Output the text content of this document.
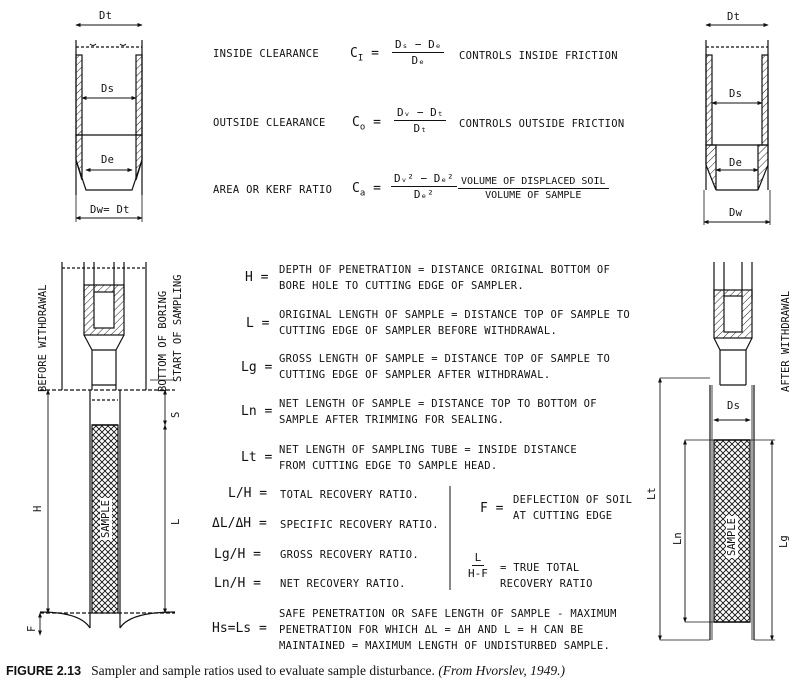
Dt
Ds
De
Dw= Dt
Dt
Ds
De
Dw
INSIDE CLEARANCE $C_I = \frac{\text{Dₛ − Dₑ}}{\text{Dₑ}}$ CONTROLS INSIDE FRICTION
OUTSIDE CLEARANCE $C_o = \frac{\text{Dᵥ − Dₜ}}{\text{Dₜ}}$ CONTROLS OUTSIDE FRICTION
AREA OR KERF RATIO $C_a = \frac{\text{Dᵥ² − Dₑ²}}{\text{Dₑ²}}$ VOLUME OF DISPLACED SOIL
VOLUME OF SAMPLE
H = DEPTH OF PENETRATION = DISTANCE ORIGINAL BOTTOM OF BORE HOLE TO CUTTING EDGE OF SAMPLER.
L =
ORIGINAL LENGTH OF SAMPLE = DISTANCE TOP OF SAMPLE TO CUTTING EDGE OF SAMPLER BEFORE WITHDRAWAL.
Lg =
GROSS LENGTH OF SAMPLE = DISTANCE TOP OF SAMPLE TO CUTTING EDGE OF SAMPLER AFTER WITHDRAWAL.
Ln = NET LENGTH OF SAMPLE = DISTANCE TOP TO BOTTOM OF SAMPLE AFTER TRIMMING FOR SEALING.
Lt = NET LENGTH OF SAMPLING TUBE = INSIDE DISTANCE FROM CUTTING EDGE TO SAMPLE HEAD.
L/H = TOTAL RECOVERY RATIO.
ΔL/ΔH = SPECIFIC RECOVERY RATIO.
Lg/H = GROSS RECOVERY RATIO.
Ln/H = NET RECOVERY RATIO.
F =
DEFLECTION OF SOIL AT CUTTING EDGE
$\frac{L}{H-F}$ = TRUE TOTAL RECOVERY RATIO
Hs=Ls =
SAFE PENETRATION OR SAFE LENGTH OF SAMPLE - MAXIMUM PENETRATION FOR WHICH ΔL = ΔH AND L = H CAN BE MAINTAINED = MAXIMUM LENGTH OF UNDISTURBED SAMPLE.
BEFORE WITHDRAWAL	BOTTOM OF BORING START OF SAMPLING
SAMPLE
S
H
L
F
AFTER WITHDRAWAL
Ds
SAMPLE
Lt
Ln	Lg
FIGURE 2.13 Sampler and sample ratios used to evaluate sample disturbance. (From Hvorslev, 1949.)
